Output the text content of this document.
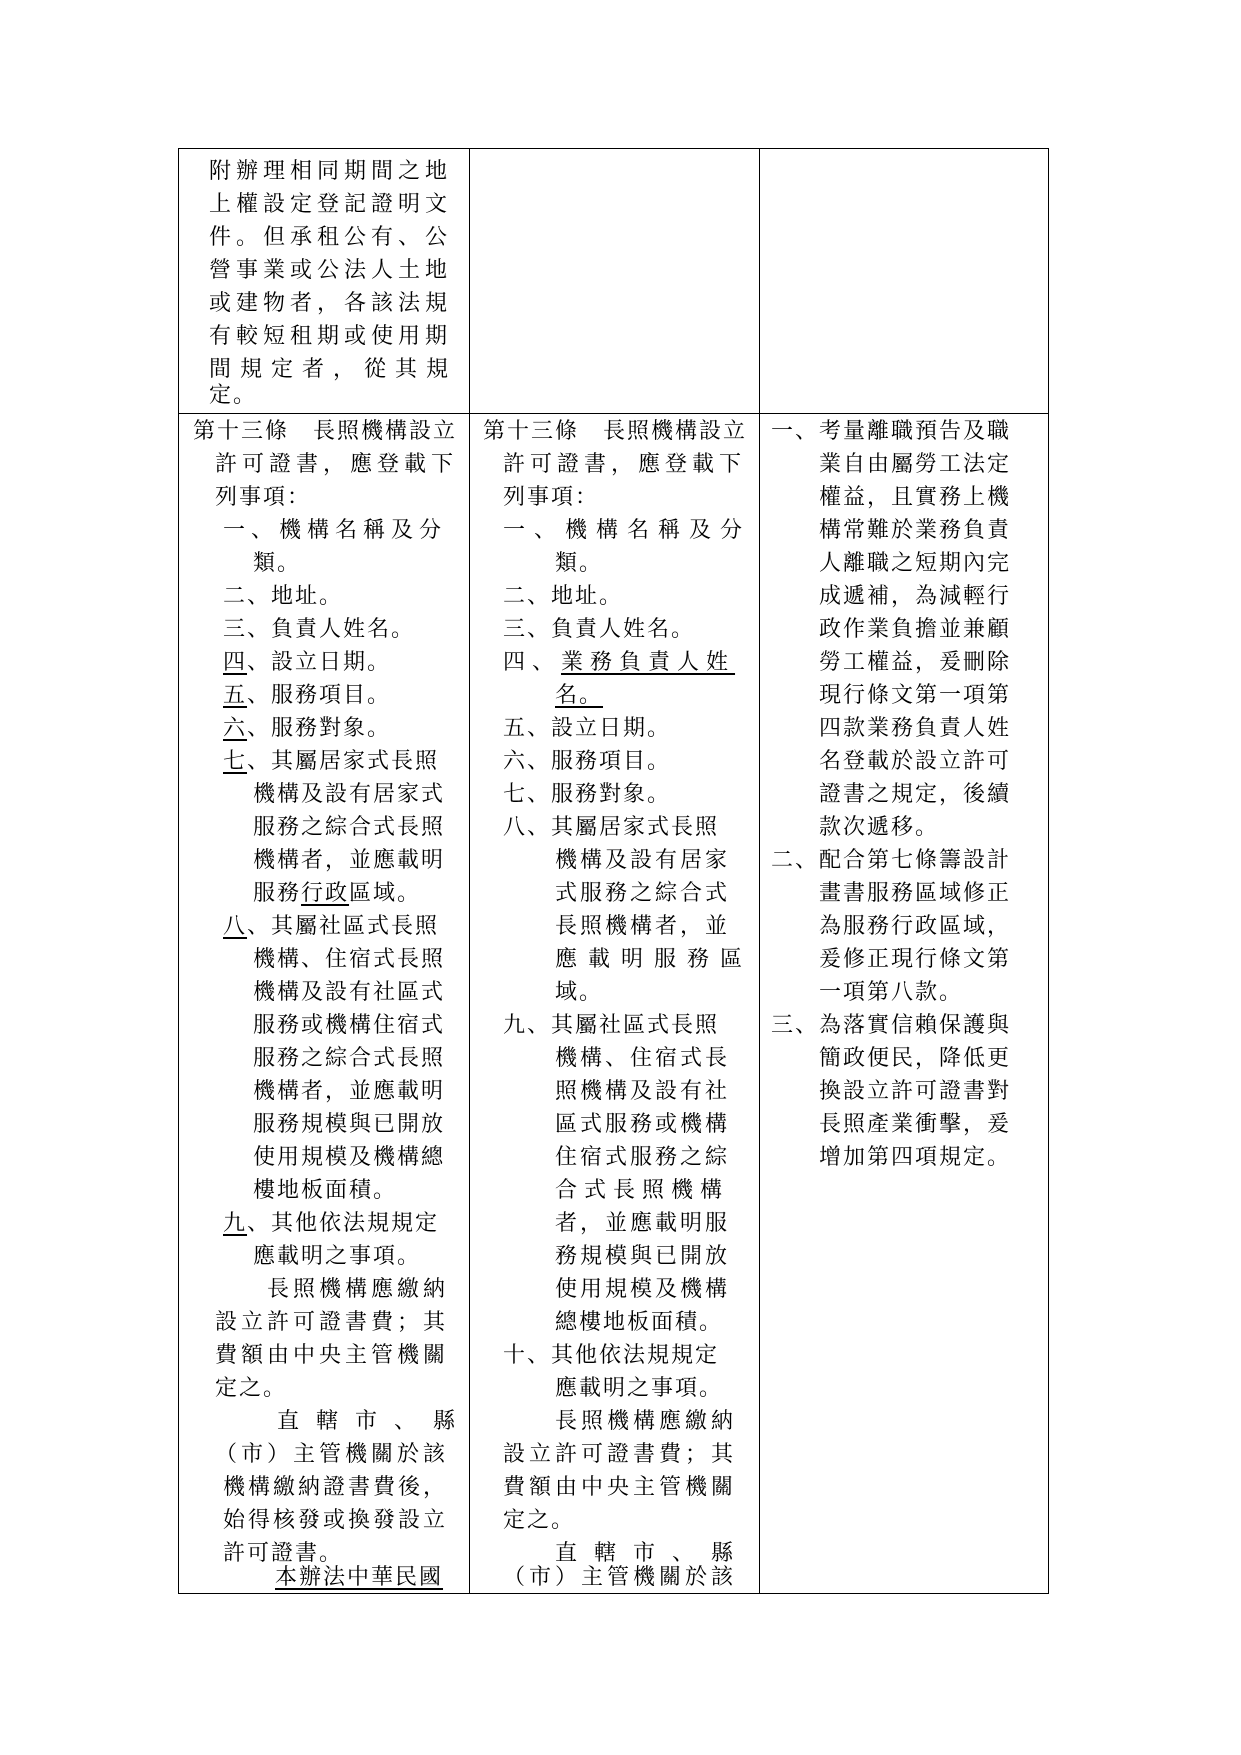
附辦理相同期間之地
上權設定登記證明文
件。但承租公有、公
營事業或公法人土地
或建物者，各該法規
有較短租期或使用期
間規定者，從其規
定。
第十三條　長照機構設立
許可證書，應登載下
列事項：
一、機構名稱及分
類。
二、地址。
三、負責人姓名。
四、設立日期。
五、服務項目。
六、服務對象。
七、其屬居家式長照
機構及設有居家式
服務之綜合式長照
機構者，並應載明
服務行政區域。
八、其屬社區式長照
機構、住宿式長照
機構及設有社區式
服務或機構住宿式
服務之綜合式長照
機構者，並應載明
服務規模與已開放
使用規模及機構總
樓地板面積。
九、其他依法規規定
應載明之事項。
長照機構應繳納
設立許可證書費；其
費額由中央主管機關
定之。
直轄市、縣
（市）主管機關於該
機構繳納證書費後，
始得核發或換發設立
許可證書。
本辦法中華民國
第十三條　長照機構設立
許可證書，應登載下
列事項：
一、機構名稱及分
類。
二、地址。
三、負責人姓名。
四、業務負責人姓
名。
五、設立日期。
六、服務項目。
七、服務對象。
八、其屬居家式長照
機構及設有居家
式服務之綜合式
長照機構者，並
應載明服務區
域。
九、其屬社區式長照
機構、住宿式長
照機構及設有社
區式服務或機構
住宿式服務之綜
合式長照機構
者，並應載明服
務規模與已開放
使用規模及機構
總樓地板面積。
十、其他依法規規定
應載明之事項。
長照機構應繳納
設立許可證書費；其
費額由中央主管機關
定之。
直轄市、縣
（市）主管機關於該
一、考量離職預告及職
業自由屬勞工法定
權益，且實務上機
構常難於業務負責
人離職之短期內完
成遞補，為減輕行
政作業負擔並兼顧
勞工權益，爰刪除
現行條文第一項第
四款業務負責人姓
名登載於設立許可
證書之規定，後續
款次遞移。
二、配合第七條籌設計
畫書服務區域修正
為服務行政區域，
爰修正現行條文第
一項第八款。
三、為落實信賴保護與
簡政便民，降低更
換設立許可證書對
長照產業衝擊，爰
增加第四項規定。
